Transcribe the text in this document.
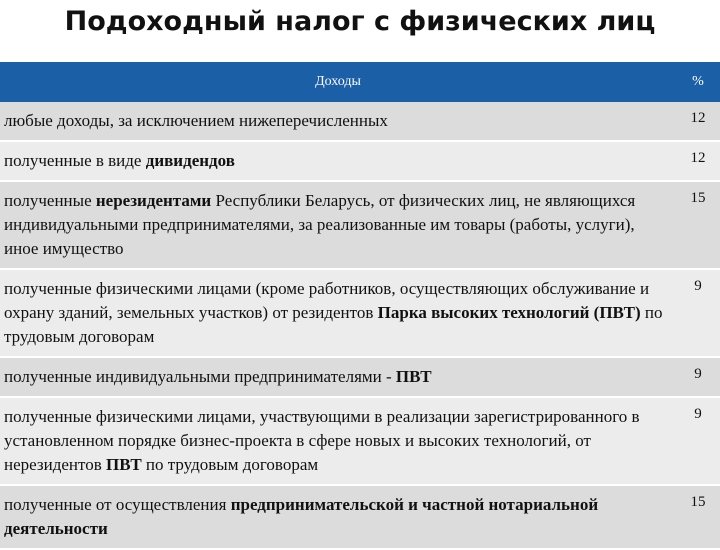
Подоходный налог с физических лиц
Доходы	%
любые доходы, за исключением нижеперечисленных	12
полученные в виде дивидендов	12
полученные нерезидентами Республики Беларусь, от физических лиц, не являющихся индивидуальными предпринимателями, за реализованные им товары (работы, услуги), иное имущество	15
полученные физическими лицами (кроме работников, осуществляющих обслуживание и охрану зданий, земельных участков) от резидентов Парка высоких технологий (ПВТ) по трудовым договорам	9
полученные индивидуальными предпринимателями - ПВТ	9
полученные физическими лицами, участвующими в реализации зарегистрированного в установленном порядке бизнес-проекта в сфере новых и высоких технологий, от нерезидентов ПВТ по трудовым договорам	9
полученные от осуществления предпринимательской и частной нотариальной деятельности	15
